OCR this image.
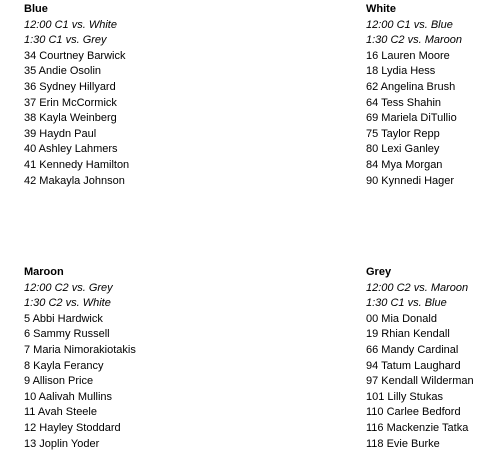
Blue
12:00 C1 vs. White
1:30 C1 vs. Grey
34 Courtney Barwick
35 Andie Osolin
36 Sydney Hillyard
37 Erin McCormick
38 Kayla Weinberg
39 Haydn Paul
40 Ashley Lahmers
41 Kennedy Hamilton
42 Makayla Johnson
White
12:00 C1 vs. Blue
1:30 C2 vs. Maroon
16 Lauren Moore
18 Lydia Hess
62 Angelina Brush
64 Tess Shahin
69 Mariela DiTullio
75 Taylor Repp
80 Lexi Ganley
84 Mya Morgan
90 Kynnedi Hager
Maroon
12:00 C2 vs. Grey
1:30 C2 vs. White
5 Abbi Hardwick
6 Sammy Russell
7 Maria Nimorakiotakis
8 Kayla Ferancy
9 Allison Price
10 Aalivah Mullins
11 Avah Steele
12 Hayley Stoddard
13 Joplin Yoder
Grey
12:00 C2 vs. Maroon
1:30 C1 vs. Blue
00 Mia Donald
19 Rhian Kendall
66 Mandy Cardinal
94 Tatum Laughard
97 Kendall Wilderman
101 Lilly Stukas
110 Carlee Bedford
116 Mackenzie Tatka
118 Evie Burke
